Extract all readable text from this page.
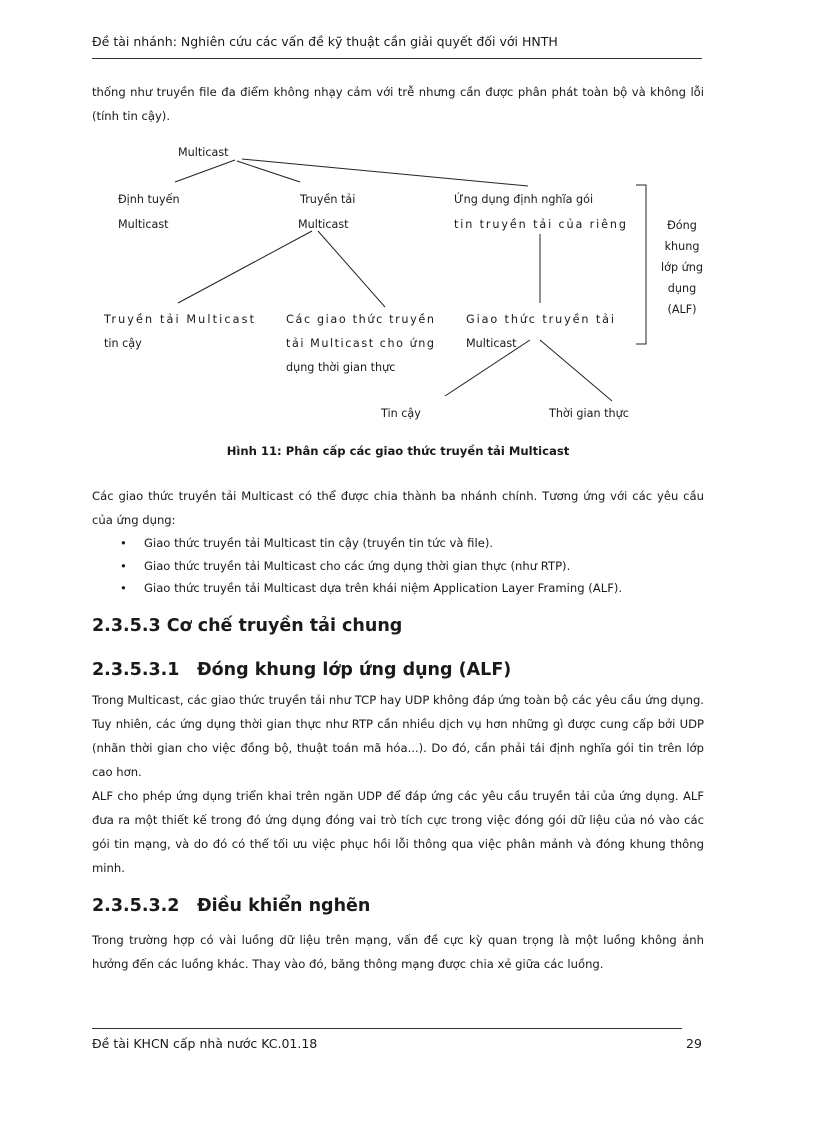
Đề tài nhánh: Nghiên cứu các vấn đề kỹ thuật cần giải quyết đối với HNTH
thống như truyền file đa điểm không nhạy cảm với trễ nhưng cần được phân phát toàn bộ và không lỗi (tính tin cậy).
Multicast
Định tuyến
Multicast
Truyền tải
Multicast
Ứng dụng định nghĩa gói
tin truyền tải của riêng	Đóng
khung
lớp ứng
dụng
(ALF)
Truyền tải Multicast
tin cậy
Các giao thức truyền
tải Multicast cho ứng
dụng thời gian thực
Giao thức truyền tải
Multicast
Tin cậy	Thời gian thực
Hình 11: Phân cấp các giao thức truyền tải Multicast
Các giao thức truyền tải Multicast có thể được chia thành ba nhánh chính. Tương ứng với các yêu cầu của ứng dụng:
• Giao thức truyền tải Multicast tin cậy (truyền tin tức và file).
• Giao thức truyền tải Multicast cho các ứng dụng thời gian thực (như RTP).
• Giao thức truyền tải Multicast dựa trên khái niệm Application Layer Framing (ALF).
2.3.5.3 Cơ chế truyền tải chung
2.3.5.3.1 Đóng khung lớp ứng dụng (ALF)
Trong Multicast, các giao thức truyền tải như TCP hay UDP không đáp ứng toàn bộ các yêu cầu ứng dụng. Tuy nhiên, các ứng dụng thời gian thực như RTP cần nhiều dịch vụ hơn những gì được cung cấp bởi UDP (nhãn thời gian cho việc đồng bộ, thuật toán mã hóa...). Do đó, cần phải tái định nghĩa gói tin trên lớp cao hơn.
ALF cho phép ứng dụng triển khai trên ngăn UDP để đáp ứng các yêu cầu truyền tải của ứng dụng. ALF đưa ra một thiết kế trong đó ứng dụng đóng vai trò tích cực trong việc đóng gói dữ liệu của nó vào các gói tin mạng, và do đó có thể tối ưu việc phục hồi lỗi thông qua việc phân mảnh và đóng khung thông minh.
2.3.5.3.2 Điều khiển nghẽn
Trong trường hợp có vài luồng dữ liệu trên mạng, vấn đề cực kỳ quan trọng là một luồng không ảnh hưởng đến các luồng khác. Thay vào đó, băng thông mạng được chia xẻ giữa các luồng.
Đề tài KHCN cấp nhà nước KC.01.18	29
